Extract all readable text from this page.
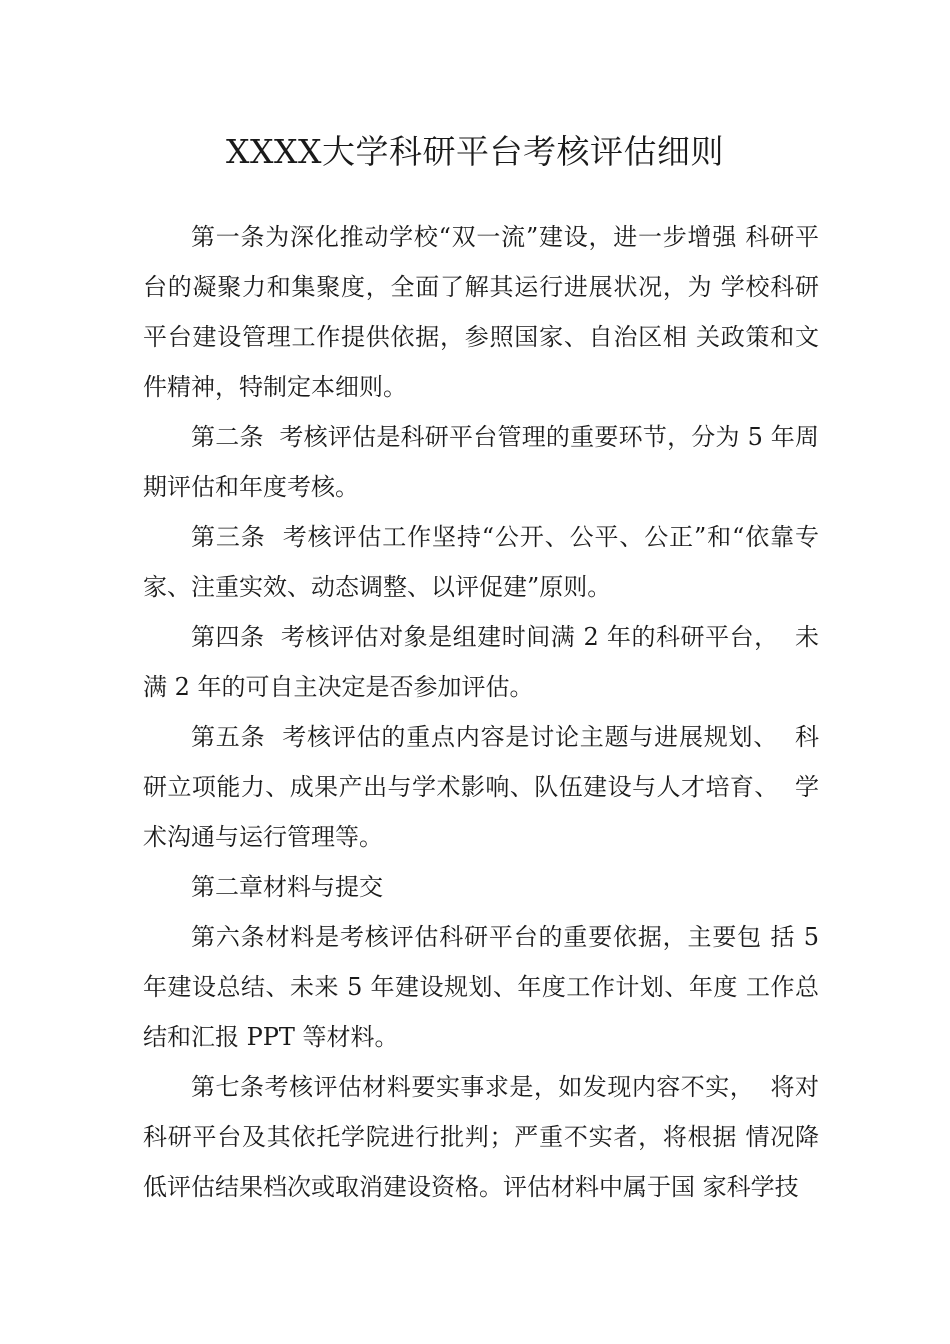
XXXX大学科研平台考核评估细则

第一条为深化推动学校“双一流”建设，进一步增强 科研平台的凝聚力和集聚度，全面了解其运行进展状况，为 学校科研平台建设管理工作提供依据，参照国家、自治区相 关政策和文件精神，特制定本细则。

第二条  考核评估是科研平台管理的重要环节，分为 5 年周期评估和年度考核。

第三条  考核评估工作坚持“公开、公平、公正”和“依靠专家、注重实效、动态调整、以评促建”原则。

第四条  考核评估对象是组建时间满 2 年的科研平台，  未满 2 年的可自主决定是否参加评估。

第五条  考核评估的重点内容是讨论主题与进展规划、  科研立项能力、成果产出与学术影响、队伍建设与人才培育、  学术沟通与运行管理等。

第二章材料与提交

第六条材料是考核评估科研平台的重要依据，主要包 括 5 年建设总结、未来 5 年建设规划、年度工作计划、年度 工作总结和汇报 PPT 等材料。

第七条考核评估材料要实事求是，如发现内容不实，  将对科研平台及其依托学院进行批判；严重不实者，将根据 情况降低评估结果档次或取消建设资格。评估材料中属于国 家科学技
